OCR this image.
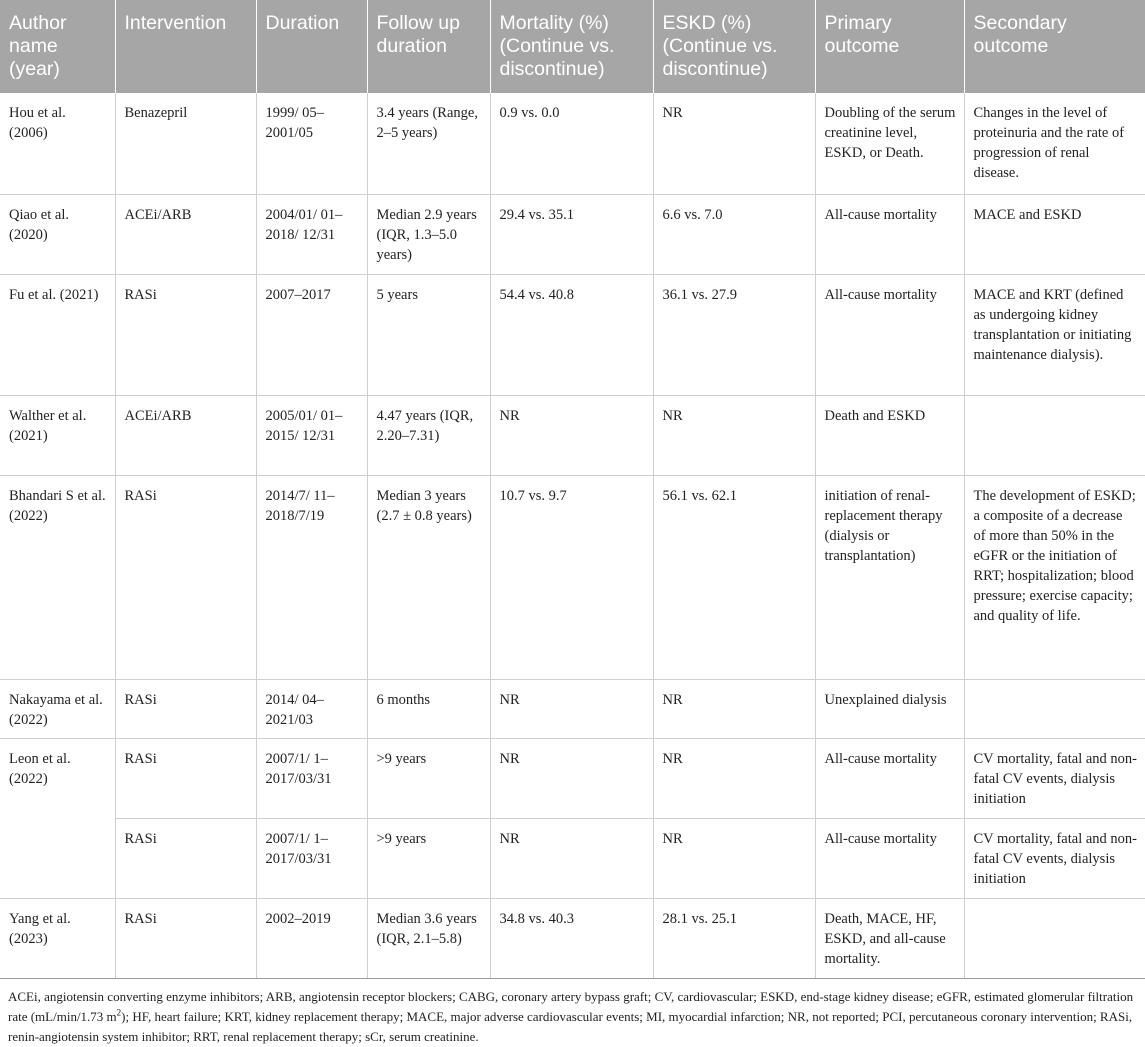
Author name (year)	Intervention	Duration	Follow up duration	Mortality (%) (Continue vs. discontinue)	ESKD (%) (Continue vs. discontinue)	Primary outcome	Secondary outcome
Hou et al. (2006)	Benazepril	1999/ 05–2001/05	3.4 years (Range, 2–5 years)	0.9 vs. 0.0	NR	Doubling of the serum creatinine level, ESKD, or Death.	Changes in the level of proteinuria and the rate of progression of renal disease.
Qiao et al. (2020)	ACEi/ARB	2004/01/ 01–2018/ 12/31	Median 2.9 years (IQR, 1.3–5.0 years)	29.4 vs. 35.1	6.6 vs. 7.0	All-cause mortality	MACE and ESKD
Fu et al. (2021)	RASi	2007–2017	5 years	54.4 vs. 40.8	36.1 vs. 27.9	All-cause mortality	MACE and KRT (defined as undergoing kidney transplantation or initiating maintenance dialysis).
Walther et al. (2021)	ACEi/ARB	2005/01/ 01–2015/ 12/31	4.47 years (IQR, 2.20–7.31)	NR	NR	Death and ESKD	
Bhandari S et al. (2022)	RASi	2014/7/ 11–2018/7/19	Median 3 years (2.7 ± 0.8 years)	10.7 vs. 9.7	56.1 vs. 62.1	initiation of renal-replacement therapy (dialysis or transplantation)	The development of ESKD; a composite of a decrease of more than 50% in the eGFR or the initiation of RRT; hospitalization; blood pressure; exercise capacity; and quality of life.
Nakayama et al. (2022)	RASi	2014/ 04–2021/03	6 months	NR	NR	Unexplained dialysis	
Leon et al. (2022)	RASi	2007/1/ 1–2017/03/31	>9 years	NR	NR	All-cause mortality	CV mortality, fatal and non-fatal CV events, dialysis initiation
	RASi	2007/1/ 1–2017/03/31	>9 years	NR	NR	All-cause mortality	CV mortality, fatal and non-fatal CV events, dialysis initiation
Yang et al. (2023)	RASi	2002–2019	Median 3.6 years (IQR, 2.1–5.8)	34.8 vs. 40.3	28.1 vs. 25.1	Death, MACE, HF, ESKD, and all-cause mortality.	
ACEi, angiotensin converting enzyme inhibitors; ARB, angiotensin receptor blockers; CABG, coronary artery bypass graft; CV, cardiovascular; ESKD, end-stage kidney disease; eGFR, estimated glomerular filtration rate (mL/min/1.73 $m^2$); HF, heart failure; KRT, kidney replacement therapy; MACE, major adverse cardiovascular events; MI, myocardial infarction; NR, not reported; PCI, percutaneous coronary intervention; RASi, renin-angiotensin system inhibitor; RRT, renal replacement therapy; sCr, serum creatinine.
